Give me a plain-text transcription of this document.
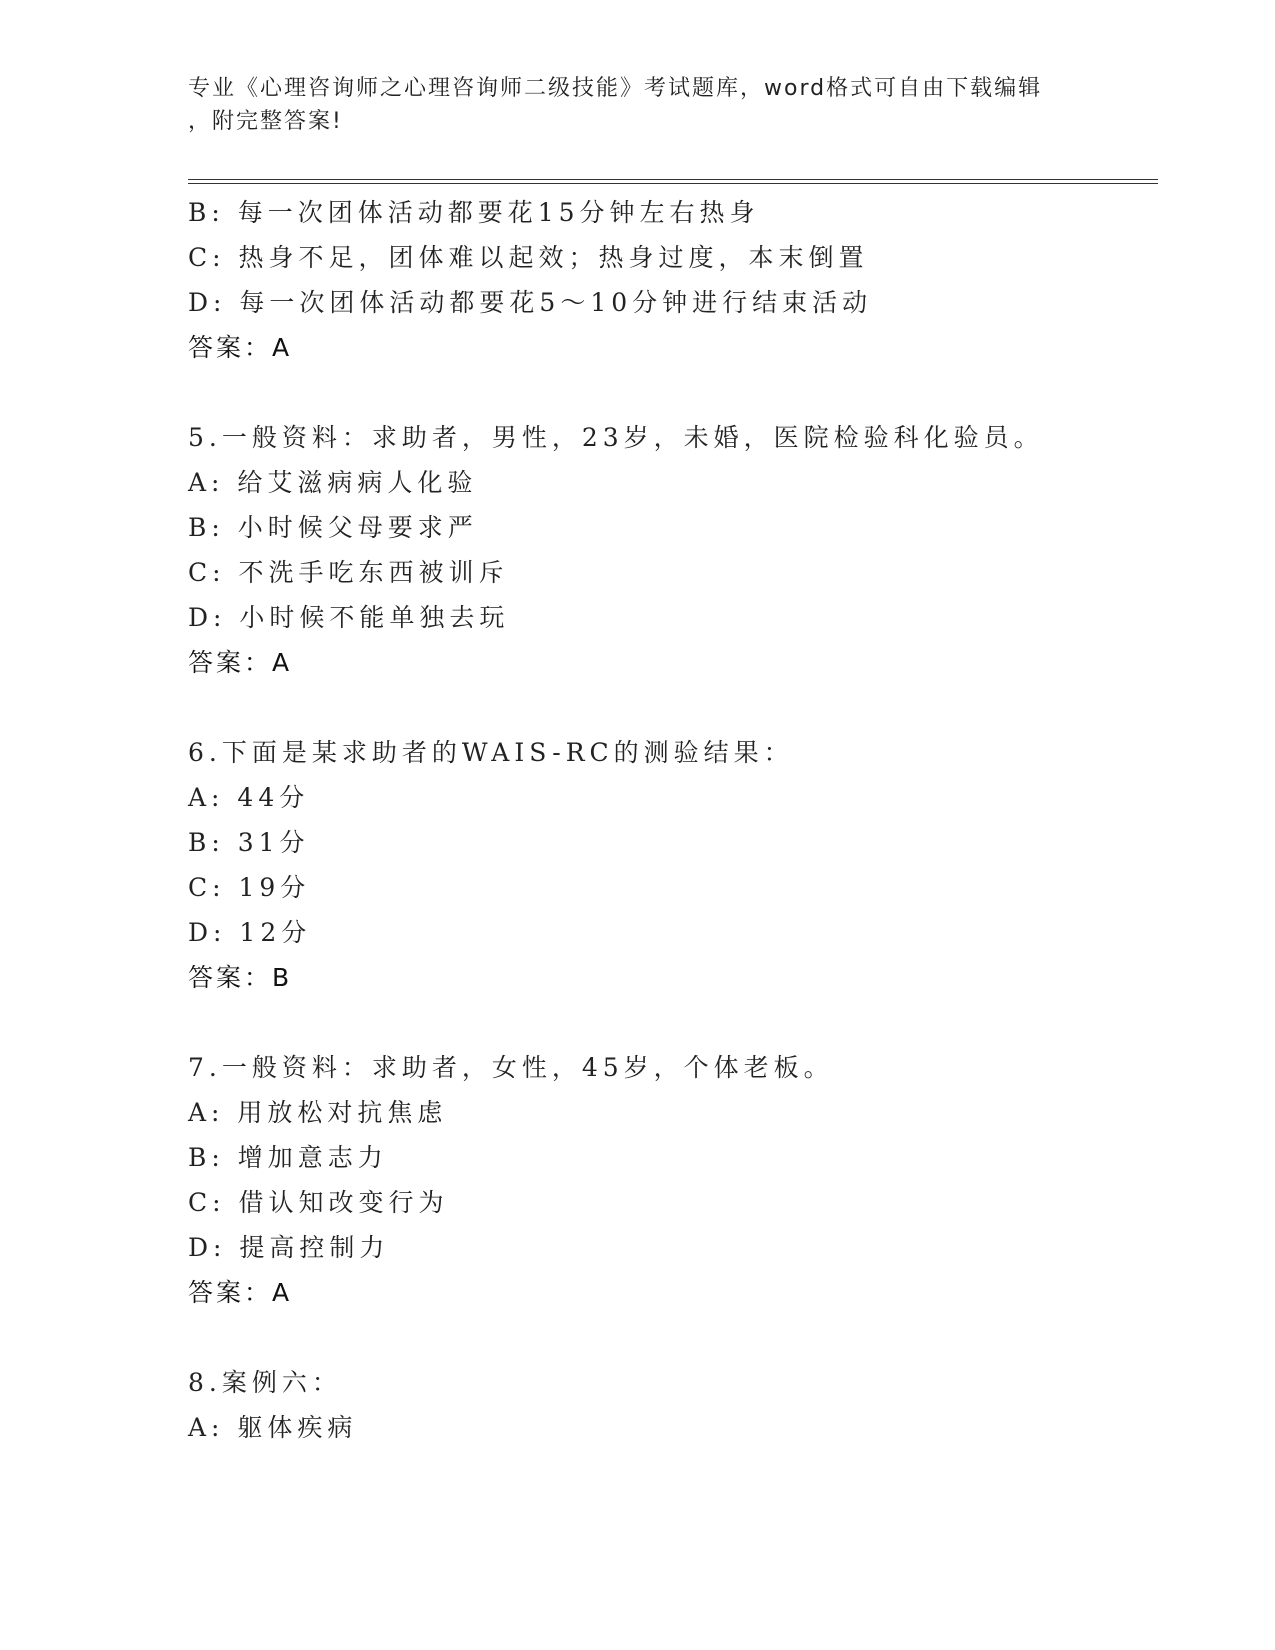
专业《心理咨询师之心理咨询师二级技能》考试题库，word格式可自由下载编辑
，附完整答案!
B: 每一次团体活动都要花15分钟左右热身
C: 热身不足，团体难以起效；热身过度，本末倒置
D: 每一次团体活动都要花5～10分钟进行结束活动
答案：A
5.一般资料：求助者，男性，23岁，未婚，医院检验科化验员。
A: 给艾滋病病人化验
B: 小时候父母要求严
C: 不洗手吃东西被训斥
D: 小时候不能单独去玩
答案：A
6.下面是某求助者的WAIS-RC的测验结果：
A: 44分
B: 31分
C: 19分
D: 12分
答案：B
7.一般资料：求助者，女性，45岁，个体老板。
A: 用放松对抗焦虑
B: 增加意志力
C: 借认知改变行为
D: 提高控制力
答案：A
8.案例六：
A: 躯体疾病
